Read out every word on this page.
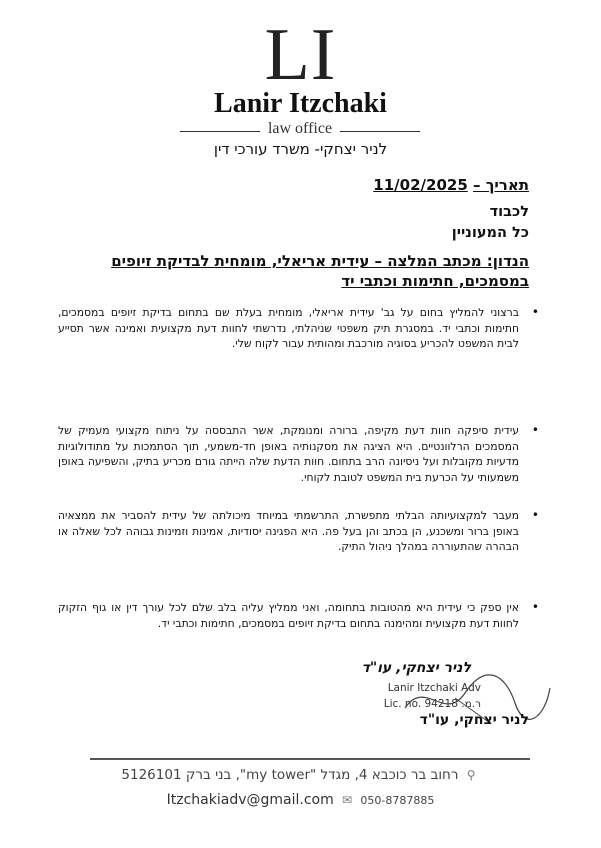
LI
Lanir Itzchaki
law office
לניר יצחקי- משרד עורכי דין
תאריך – 11/02/2025
לכבוד
כל המעוניין
הנדון: מכתב המלצה – עידית אריאלי, מומחית לבדיקת זיופים במסמכים, חתימות וכתבי יד

•
ברצוני להמליץ בחום על גב' עידית אריאלי, מומחית בעלת שם בתחום בדיקת זיופים במסמכים, חתימות וכתבי יד. במסגרת תיק משפטי שניהלתי, נדרשתי לחוות דעת מקצועית ואמינה אשר תסייע לבית המשפט להכריע בסוגיה מורכבת ומהותית עבור לקוח שלי.

•
עידית סיפקה חוות דעת מקיפה, ברורה ומנומקת, אשר התבססה על ניתוח מקצועי מעמיק של המסמכים הרלוונטיים. היא הציגה את מסקנותיה באופן חד-משמעי, תוך הסתמכות על מתודולוגיות מדעיות מקובלות ועל ניסיונה הרב בתחום. חוות הדעת שלה הייתה גורם מכריע בתיק, והשפיעה באופן משמעותי על הכרעת בית המשפט לטובת לקוחי.

•
מעבר למקצועיותה הבלתי מתפשרת, התרשמתי במיוחד מיכולתה של עידית להסביר את ממצאיה באופן ברור ומשכנע, הן בכתב והן בעל פה. היא הפגינה יסודיות, אמינות וזמינות גבוהה לכל שאלה או הבהרה שהתעוררה במהלך ניהול התיק.

•
אין ספק כי עידית היא מהטובות בתחומה, ואני ממליץ עליה בלב שלם לכל עורך דין או גוף הזקוק לחוות דעת מקצועית ומהימנה בתחום בדיקת זיופים במסמכים, חתימות וכתבי יד.

לניר יצחקי, עו"ד
Lanir Itzchaki Adv
Lic. no. 94218 .ר.מ
לניר יצחקי, עו"ד
⚲ רחוב בר כוכבא 4, מגדל "my tower", בני ברק 5126101
050-8787885 ✉ Itzchakiadv@gmail.com
